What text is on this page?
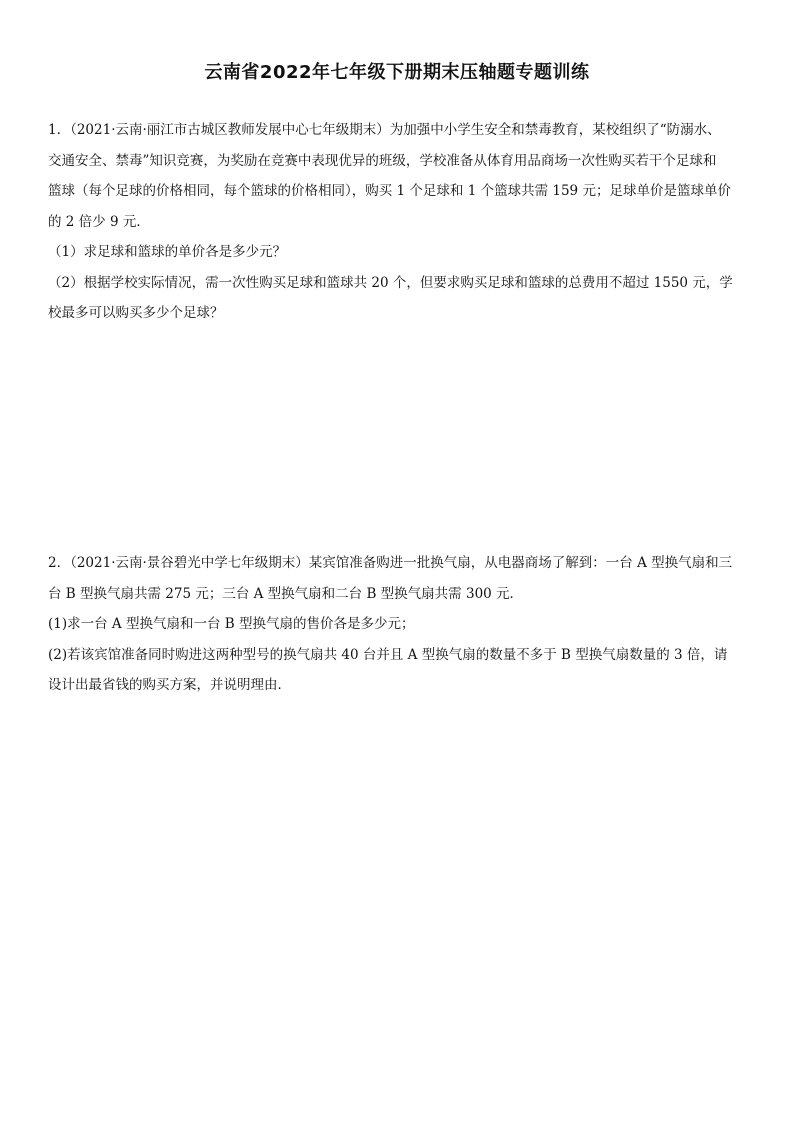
云南省2022年七年级下册期末压轴题专题训练

1．（2021·云南·丽江市古城区教师发展中心七年级期末）为加强中小学生安全和禁毒教育，某校组织了“防溺水、

交通安全、禁毒”知识竞赛，为奖励在竞赛中表现优异的班级，学校准备从体育用品商场一次性购买若干个足球和

篮球（每个足球的价格相同，每个篮球的价格相同），购买 1 个足球和 1 个篮球共需 159 元；足球单价是篮球单价

的 2 倍少 9 元．

（1）求足球和篮球的单价各是多少元？

（2）根据学校实际情况，需一次性购买足球和篮球共 20 个，但要求购买足球和篮球的总费用不超过 1550 元，学

校最多可以购买多少个足球？

2．（2021·云南·景谷碧光中学七年级期末）某宾馆准备购进一批换气扇，从电器商场了解到：一台 A 型换气扇和三

台 B 型换气扇共需 275 元；三台 A 型换气扇和二台 B 型换气扇共需 300 元．

(1)求一台 A 型换气扇和一台 B 型换气扇的售价各是多少元；

(2)若该宾馆准备同时购进这两种型号的换气扇共 40 台并且 A 型换气扇的数量不多于 B 型换气扇数量的 3 倍，请

设计出最省钱的购买方案，并说明理由．
